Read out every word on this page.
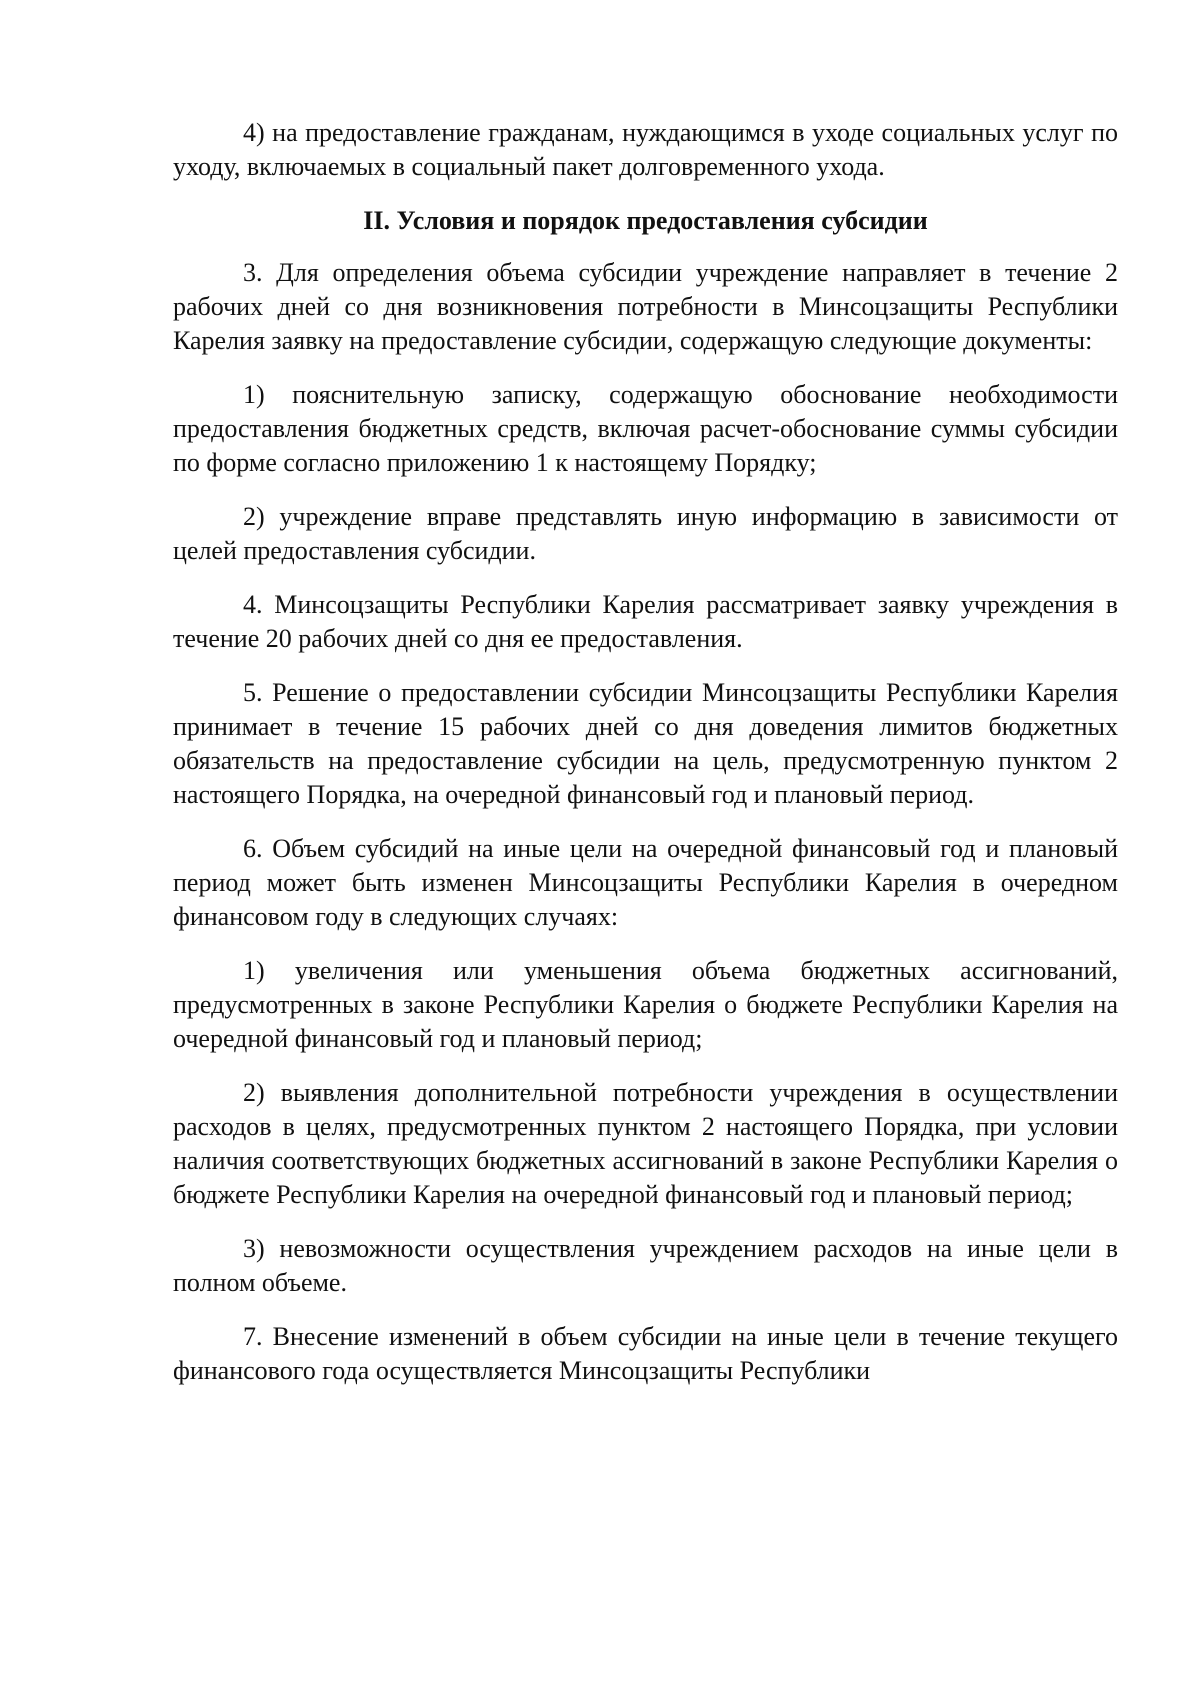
4) на предоставление гражданам, нуждающимся в уходе социальных услуг по уходу, включаемых в социальный пакет долговременного ухода.

II. Условия и порядок предоставления субсидии

3. Для определения объема субсидии учреждение направляет в течение 2 рабочих дней со дня возникновения потребности в Минсоцзащиты Республики Карелия заявку на предоставление субсидии, содержащую следующие документы:

1) пояснительную записку, содержащую обоснование необходимости предоставления бюджетных средств, включая расчет-обоснование суммы субсидии по форме согласно приложению 1 к настоящему Порядку;

2) учреждение вправе представлять иную информацию в зависимости от целей предоставления субсидии.

4. Минсоцзащиты Республики Карелия рассматривает заявку учреждения в течение 20 рабочих дней со дня ее предоставления.

5. Решение о предоставлении субсидии Минсоцзащиты Республики Карелия принимает в течение 15 рабочих дней со дня доведения лимитов бюджетных обязательств на предоставление субсидии на цель, предусмотренную пунктом 2 настоящего Порядка, на очередной финансовый год и плановый период.

6. Объем субсидий на иные цели на очередной финансовый год и плановый период может быть изменен Минсоцзащиты Республики Карелия в очередном финансовом году в следующих случаях:

1) увеличения или уменьшения объема бюджетных ассигнований, предусмотренных в законе Республики Карелия о бюджете Республики Карелия на очередной финансовый год и плановый период;

2) выявления дополнительной потребности учреждения в осуществлении расходов в целях, предусмотренных пунктом 2 настоящего Порядка, при условии наличия соответствующих бюджетных ассигнований в законе Республики Карелия о бюджете Республики Карелия на очередной финансовый год и плановый период;

3) невозможности осуществления учреждением расходов на иные цели в полном объеме.

7. Внесение изменений в объем субсидии на иные цели в течение текущего финансового года осуществляется Минсоцзащиты Республики
